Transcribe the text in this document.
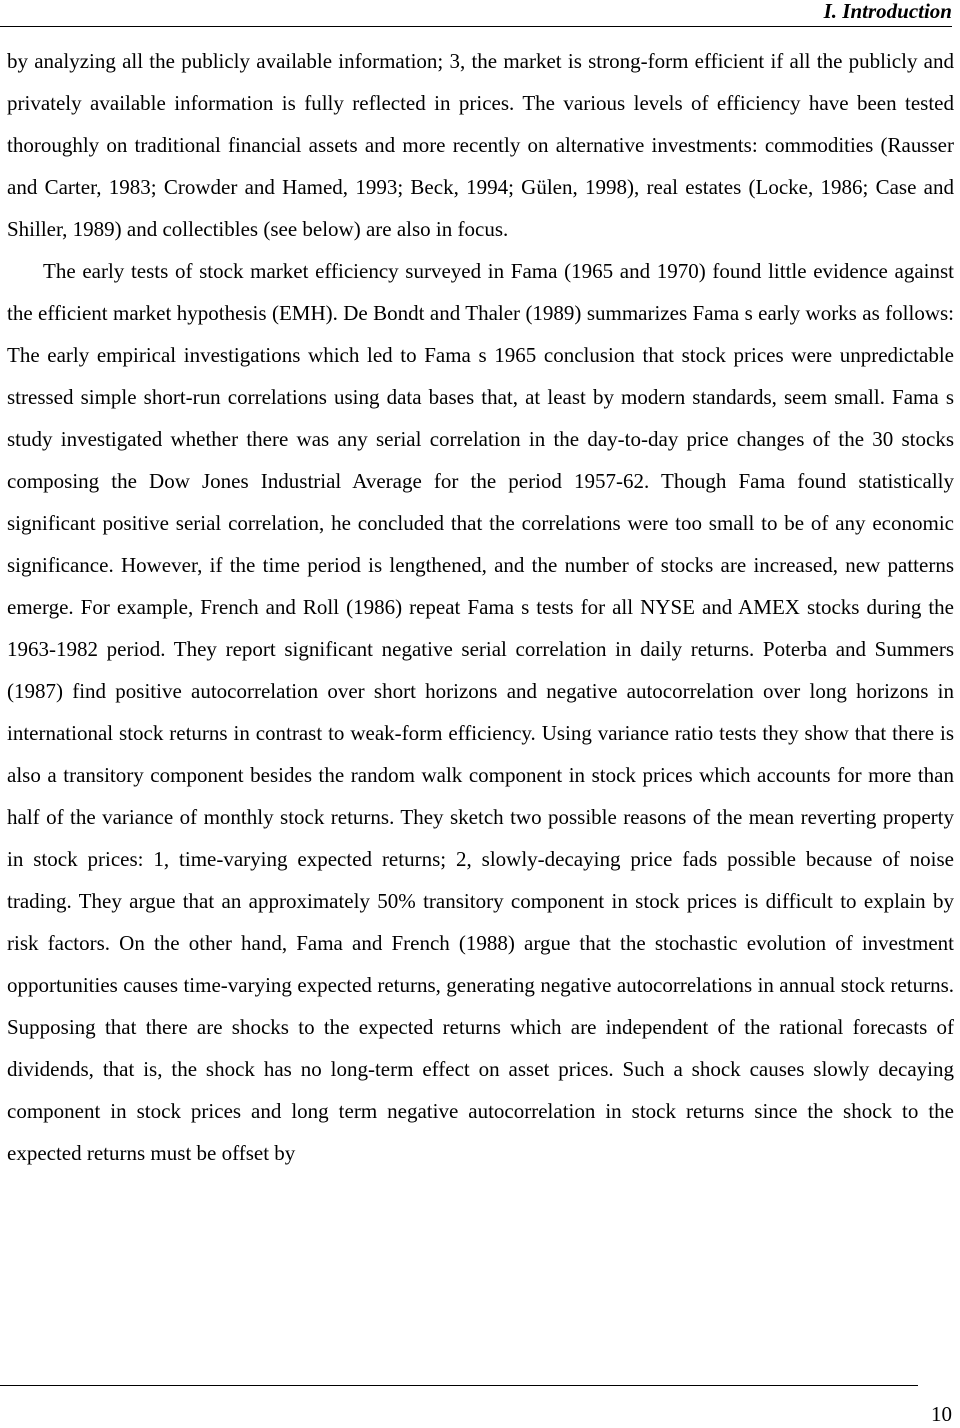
I. Introduction

by analyzing all the publicly available information; 3, the market is strong-form efficient if all the publicly and privately available information is fully reflected in prices. The various levels of efficiency have been tested thoroughly on traditional financial assets and more recently on alternative investments: commodities (Rausser and Carter, 1983; Crowder and Hamed, 1993; Beck, 1994; Gülen, 1998), real estates (Locke, 1986; Case and Shiller, 1989) and collectibles (see below) are also in focus.

The early tests of stock market efficiency surveyed in Fama (1965 and 1970) found little evidence against the efficient market hypothesis (EMH). De Bondt and Thaler (1989) summarizes Fama s early works as follows: The early empirical investigations which led to Fama s 1965 conclusion that stock prices were unpredictable stressed simple short-run correlations using data bases that, at least by modern standards, seem small. Fama s study investigated whether there was any serial correlation in the day-to-day price changes of the 30 stocks composing the Dow Jones Industrial Average for the period 1957-62. Though Fama found statistically significant positive serial correlation, he concluded that the correlations were too small to be of any economic significance. However, if the time period is lengthened, and the number of stocks are increased, new patterns emerge. For example, French and Roll (1986) repeat Fama s tests for all NYSE and AMEX stocks during the 1963-1982 period. They report significant negative serial correlation in daily returns. Poterba and Summers (1987) find positive autocorrelation over short horizons and negative autocorrelation over long horizons in international stock returns in contrast to weak-form efficiency. Using variance ratio tests they show that there is also a transitory component besides the random walk component in stock prices which accounts for more than half of the variance of monthly stock returns. They sketch two possible reasons of the mean reverting property in stock prices: 1, time-varying expected returns; 2, slowly-decaying price fads possible because of noise trading. They argue that an approximately 50% transitory component in stock prices is difficult to explain by risk factors. On the other hand, Fama and French (1988) argue that the stochastic evolution of investment opportunities causes time-varying expected returns, generating negative autocorrelations in annual stock returns. Supposing that there are shocks to the expected returns which are independent of the rational forecasts of dividends, that is, the shock has no long-term effect on asset prices. Such a shock causes slowly decaying component in stock prices and long term negative autocorrelation in stock returns since the shock to the expected returns must be offset by

10
